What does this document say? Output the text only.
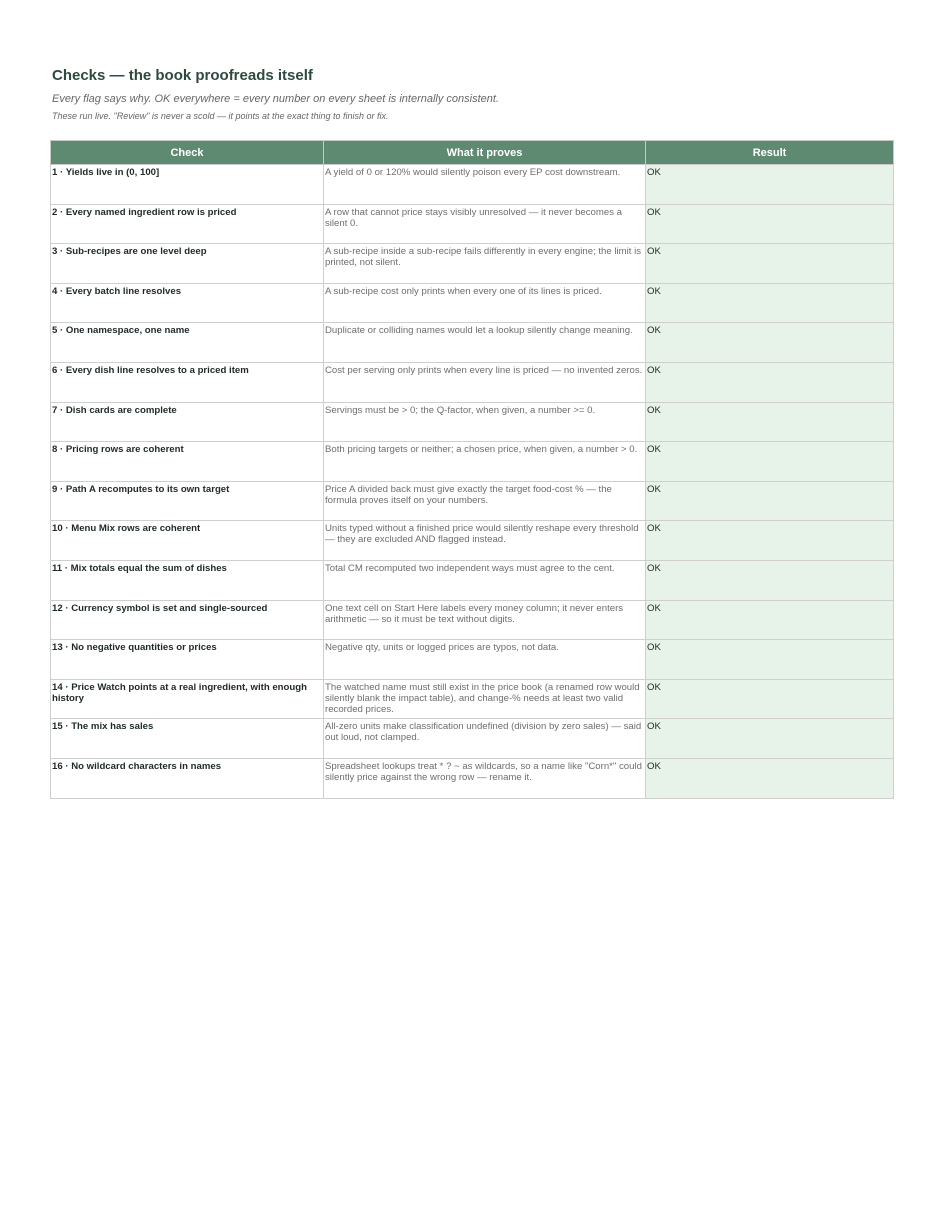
Checks — the book proofreads itself
Every flag says why. OK everywhere = every number on every sheet is internally consistent.
These run live. "Review" is never a scold — it points at the exact thing to finish or fix.
Check	What it proves	Result
1 · Yields live in (0, 100]	A yield of 0 or 120% would silently poison every EP cost downstream.	OK
2 · Every named ingredient row is priced	A row that cannot price stays visibly unresolved — it never becomes a silent 0.	OK
3 · Sub-recipes are one level deep	A sub-recipe inside a sub-recipe fails differently in every engine; the limit is printed, not silent.	OK
4 · Every batch line resolves	A sub-recipe cost only prints when every one of its lines is priced.	OK
5 · One namespace, one name	Duplicate or colliding names would let a lookup silently change meaning.	OK
6 · Every dish line resolves to a priced item	Cost per serving only prints when every line is priced — no invented zeros.	OK
7 · Dish cards are complete	Servings must be > 0; the Q-factor, when given, a number >= 0.	OK
8 · Pricing rows are coherent	Both pricing targets or neither; a chosen price, when given, a number > 0.	OK
9 · Path A recomputes to its own target	Price A divided back must give exactly the target food-cost % — the formula proves itself on your numbers.	OK
10 · Menu Mix rows are coherent	Units typed without a finished price would silently reshape every threshold — they are excluded AND flagged instead.	OK
11 · Mix totals equal the sum of dishes	Total CM recomputed two independent ways must agree to the cent.	OK
12 · Currency symbol is set and single-sourced	One text cell on Start Here labels every money column; it never enters arithmetic — so it must be text without digits.	OK
13 · No negative quantities or prices	Negative qty, units or logged prices are typos, not data.	OK
14 · Price Watch points at a real ingredient, with enough history	The watched name must still exist in the price book (a renamed row would silently blank the impact table), and change-% needs at least two valid recorded prices.	OK
15 · The mix has sales	All-zero units make classification undefined (division by zero sales) — said out loud, not clamped.	OK
16 · No wildcard characters in names	Spreadsheet lookups treat * ? ~ as wildcards, so a name like "Corn*" could silently price against the wrong row — rename it.	OK
